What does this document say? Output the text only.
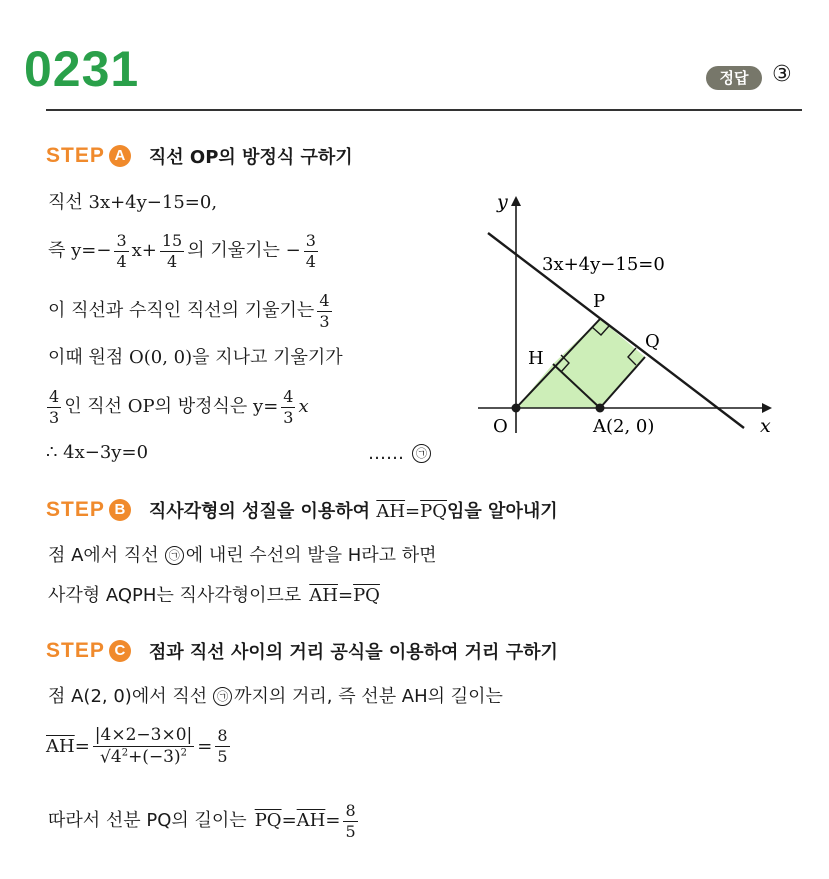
0231	정답	③
STEP A	직선 OP의 방정식 구하기
직선 3x+4y−15=0,
즉 $y=- \frac{3}{4} x+ \frac{15}{4}$ 의 기울기는 − $\frac{3}{4}$
이 직선과 수직인 직선의 기울기는 $\frac{4}{3}$
이때 원점 O(0, 0)을 지나고 기울기가
$\frac{4}{3}$ 인 직선 OP의 방정식은 $y= \frac{4}{3}$ x
∴ 4x−3y=0	……	㉠
y
x
3x+4y−15=0
P
Q
H
O	A(2, 0)
STEP B	직사각형의 성질을 이용하여 $\overline{AH}=\overline{PQ}$임을 알아내기
점 A에서 직선 ㉠ 에 내린 수선의 발을 H라고 하면
사각형 AQPH는 직사각형이므로 $\overline{AH} = \overline{PQ}$
STEP C	점과 직선 사이의 거리 공식을 이용하여 거리 구하기
점 A(2, 0)에서 직선 ㉠ 까지의 거리, 즉 선분 AH의 길이는
$\overline{AH} = \frac{|4\times 2-3\times 0|}{√4^2+(-3)^2} = \frac{8}{5}$
따라서 선분 PQ의 길이는 $\overline{PQ} = \overline{AH} = \frac{8}{5}$
